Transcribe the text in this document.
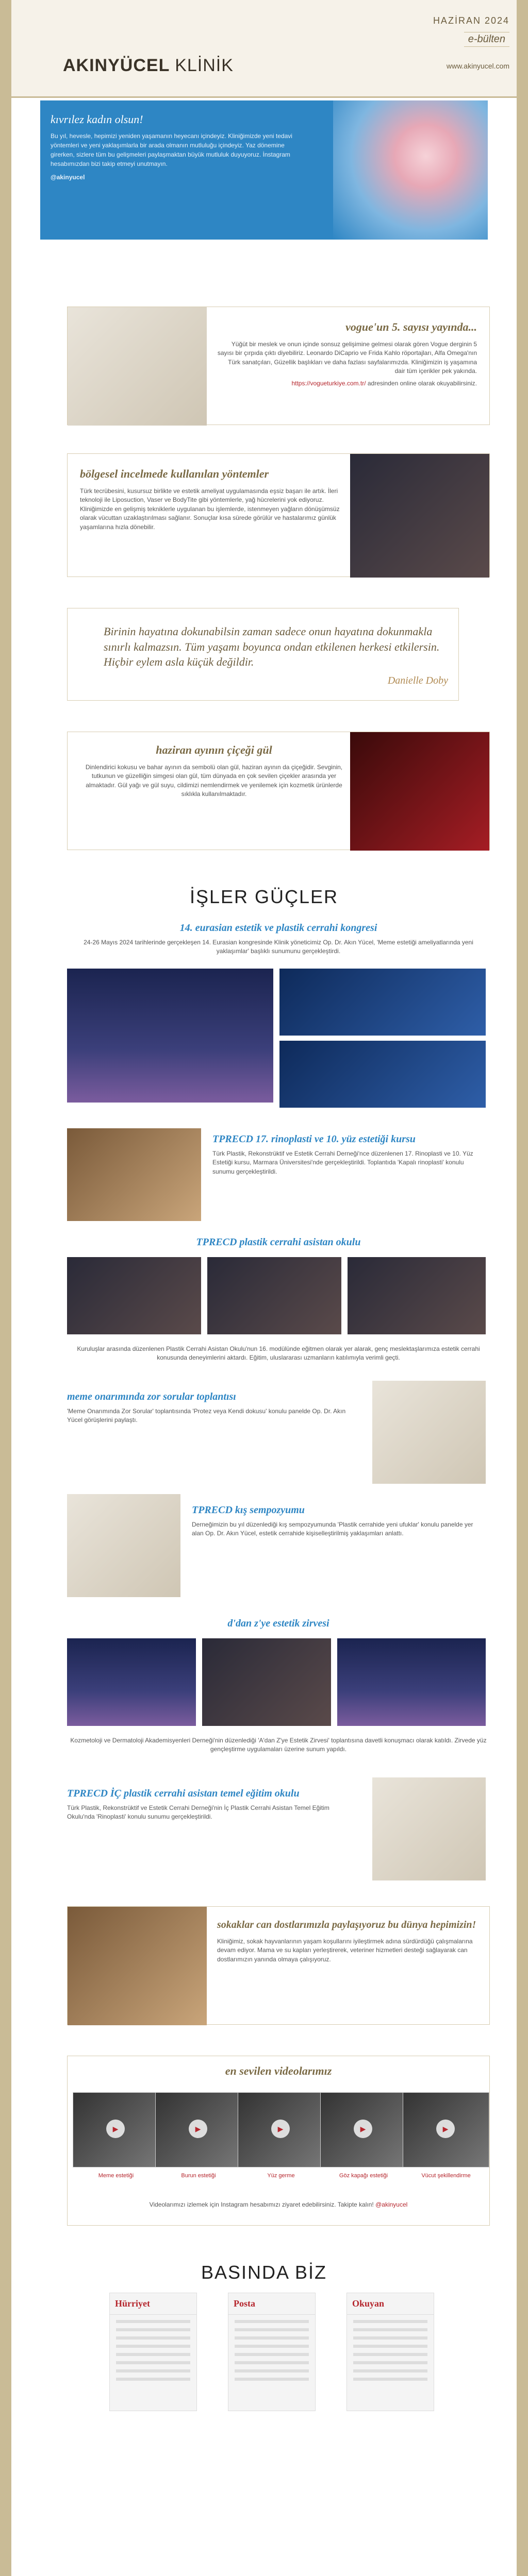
AKINYÜCEL KLİNİK
HAZİRAN 2024
e-bülten
www.akinyucel.com
kıvrılez kadın olsun!
Bu yıl, hevesle, hepimizi yeniden yaşamanın heyecanı içindeyiz. Kliniğimizde yeni tedavi yöntemleri ve yeni yaklaşımlarla bir arada olmanın mutluluğu içindeyiz. Yaz dönemine girerken, sizlere tüm bu gelişmeleri paylaşmaktan büyük mutluluk duyuyoruz. İnstagram hesabımızdan bizi takip etmeyi unutmayın.
@akinyucel
vogue'un 5. sayısı yayında...
Yüğüt bir meslek ve onun içinde sonsuz gelişimine gelmesi olarak gören Vogue derginin 5 sayısı bir çırpıda çıktı diyebiliriz. Leonardo DiCaprio ve Frida Kahlo röportajları, Alfa Omega'nın Türk sanatçıları, Güzellik başlıkları ve daha fazlası sayfalarımızda. Kliniğimizin iş yaşamına dair tüm içerikler pek yakında.
https://vogueturkiye.com.tr/ adresinden online olarak okuyabilirsiniz.
bölgesel incelmede kullanılan yöntemler
Türk tecrübesini, kusursuz birlikte ve estetik ameliyat uygulamasında eşsiz başarı ile artık. İleri teknoloji ile Liposuction, Vaser ve BodyTite gibi yöntemlerle, yağ hücrelerini yok ediyoruz. Kliniğimizde en gelişmiş tekniklerle uygulanan bu işlemlerde, istenmeyen yağların dönüşümsüz olarak vücuttan uzaklaştırılması sağlanır. Sonuçlar kısa sürede görülür ve hastalarımız günlük yaşamlarına hızla dönebilir.
Birinin hayatına dokunabilsin zaman sadece onun hayatına dokunmakla sınırlı kalmazsın. Tüm yaşamı boyunca ondan etkilenen herkesi etkilersin. Hiçbir eylem asla küçük değildir.
Danielle Doby
haziran ayının çiçeği gül
Dinlendirici kokusu ve bahar ayının da sembolü olan gül, haziran ayının da çiçeğidir. Sevginin, tutkunun ve güzelliğin simgesi olan gül, tüm dünyada en çok sevilen çiçekler arasında yer almaktadır. Gül yağı ve gül suyu, cildimizi nemlendirmek ve yenilemek için kozmetik ürünlerde sıklıkla kullanılmaktadır.
İŞLER GÜÇLER
14. eurasian estetik ve plastik cerrahi kongresi
24-26 Mayıs 2024 tarihlerinde gerçekleşen 14. Eurasian kongresinde Klinik yöneticimiz Op. Dr. Akın Yücel, 'Meme estetiği ameliyatlarında yeni yaklaşımlar' başlıklı sunumunu gerçekleştirdi.
TPRECD 17. rinoplasti ve 10. yüz estetiği kursu
Türk Plastik, Rekonstrüktif ve Estetik Cerrahi Derneği'nce düzenlenen 17. Rinoplasti ve 10. Yüz Estetiği kursu, Marmara Üniversitesi'nde gerçekleştirildi. Toplantıda 'Kapalı rinoplasti' konulu sunumu gerçekleştirildi.
TPRECD plastik cerrahi asistan okulu
Kuruluşlar arasında düzenlenen Plastik Cerrahi Asistan Okulu'nun 16. modülünde eğitmen olarak yer alarak, genç meslektaşlarımıza estetik cerrahi konusunda deneyimlerini aktardı. Eğitim, uluslararası uzmanların katılımıyla verimli geçti.
meme onarımında zor sorular toplantısı
'Meme Onarımında Zor Sorular' toplantısında 'Protez veya Kendi dokusu' konulu panelde Op. Dr. Akın Yücel görüşlerini paylaştı.
TPRECD kış sempozyumu
Derneğimizin bu yıl düzenlediği kış sempozyumunda 'Plastik cerrahide yeni ufuklar' konulu panelde yer alan Op. Dr. Akın Yücel, estetik cerrahide kişiselleştirilmiş yaklaşımları anlattı.
d'dan z'ye estetik zirvesi
Kozmetoloji ve Dermatoloji Akademisyenleri Derneği'nin düzenlediği 'A'dan Z'ye Estetik Zirvesi' toplantısına davetli konuşmacı olarak katıldı. Zirvede yüz gençleştirme uygulamaları üzerine sunum yapıldı.
TPRECD İÇ plastik cerrahi asistan temel eğitim okulu
Türk Plastik, Rekonstrüktif ve Estetik Cerrahi Derneği'nin İç Plastik Cerrahi Asistan Temel Eğitim Okulu'nda 'Rinoplasti' konulu sunumu gerçekleştirildi.
sokaklar can dostlarımızla paylaşıyoruz bu dünya hepimizin!
Kliniğimiz, sokak hayvanlarının yaşam koşullarını iyileştirmek adına sürdürdüğü çalışmalarına devam ediyor. Mama ve su kapları yerleştirerek, veteriner hizmetleri desteği sağlayarak can dostlarımızın yanında olmaya çalışıyoruz.
en sevilen videolarımız
▶
Meme estetiği
▶
Burun estetiği
▶
Yüz germe
▶
Göz kapağı estetiği
▶
Vücut şekillendirme
Videolarımızı izlemek için Instagram hesabımızı ziyaret edebilirsiniz. Takipte kalın! @akinyucel
BASINDA BİZ
Hürriyet	Posta	Okuyan
